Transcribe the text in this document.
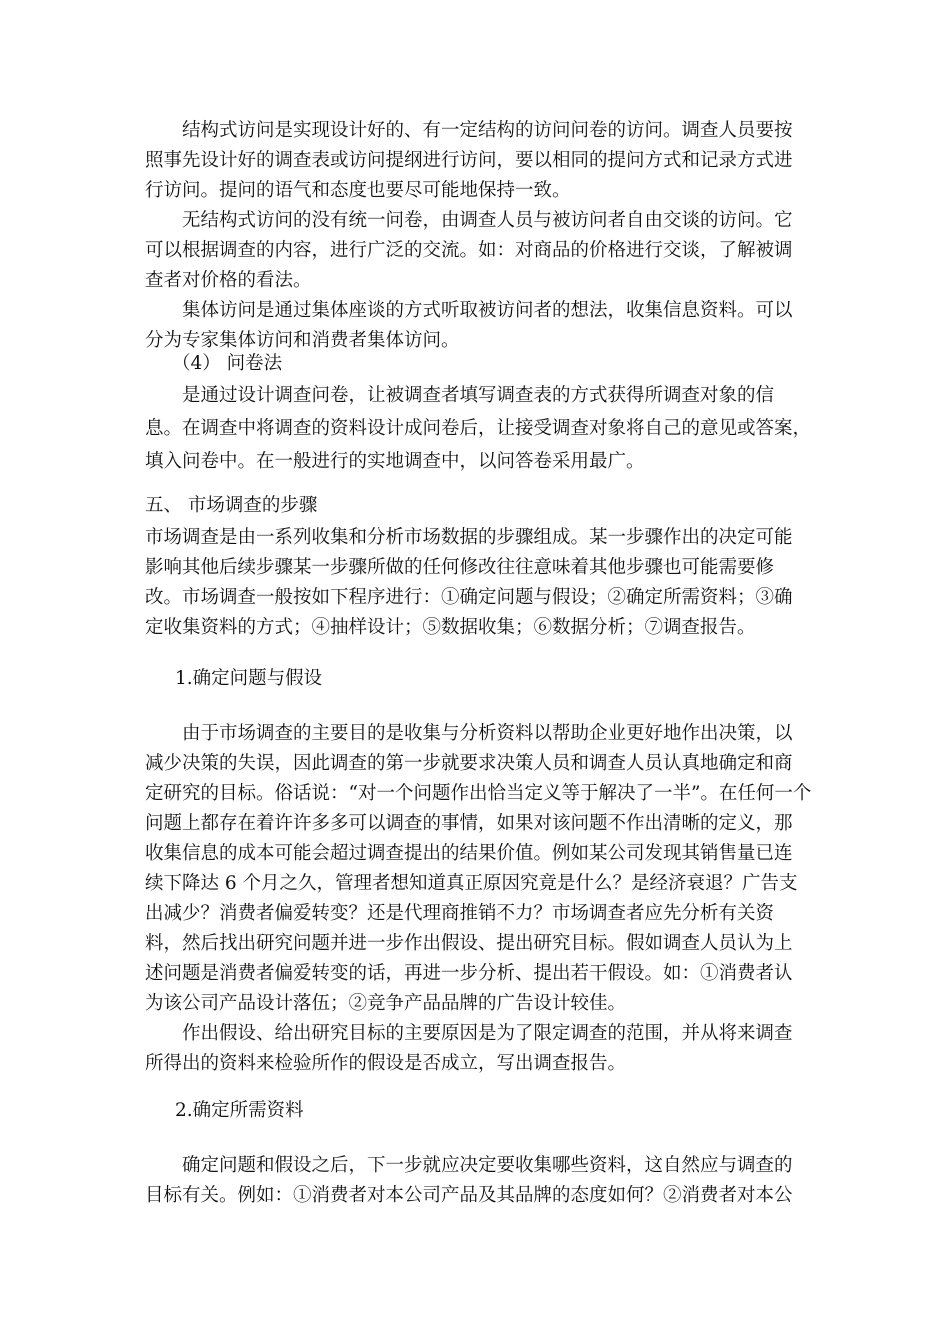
结构式访问是实现设计好的、有一定结构的访问问卷的访问。调查人员要按
照事先设计好的调查表或访问提纲进行访问，要以相同的提问方式和记录方式进
行访问。提问的语气和态度也要尽可能地保持一致。

无结构式访问的没有统一问卷，由调查人员与被访问者自由交谈的访问。它
可以根据调查的内容，进行广泛的交流。如：对商品的价格进行交谈，了解被调
查者对价格的看法。

集体访问是通过集体座谈的方式听取被访问者的想法，收集信息资料。可以
分为专家集体访问和消费者集体访问。

（4） 问卷法

是通过设计调查问卷，让被调查者填写调查表的方式获得所调查对象的信
息。在调查中将调查的资料设计成问卷后，让接受调查对象将自己的意见或答案，
填入问卷中。在一般进行的实地调查中，以问答卷采用最广。

五、 市场调查的步骤

市场调查是由一系列收集和分析市场数据的步骤组成。某一步骤作出的决定可能
影响其他后续步骤某一步骤所做的任何修改往往意味着其他步骤也可能需要修
改。市场调查一般按如下程序进行：①确定问题与假设；②确定所需资料；③确
定收集资料的方式；④抽样设计；⑤数据收集；⑥数据分析；⑦调查报告。

1.确定问题与假设

由于市场调查的主要目的是收集与分析资料以帮助企业更好地作出决策，以
减少决策的失误，因此调查的第一步就要求决策人员和调查人员认真地确定和商
定研究的目标。俗话说：“对一个问题作出恰当定义等于解决了一半”。在任何一个
问题上都存在着许许多多可以调查的事情，如果对该问题不作出清晰的定义，那
收集信息的成本可能会超过调查提出的结果价值。例如某公司发现其销售量已连
续下降达 6 个月之久，管理者想知道真正原因究竟是什么？是经济衰退？广告支
出减少？消费者偏爱转变？还是代理商推销不力？市场调查者应先分析有关资
料，然后找出研究问题并进一步作出假设、提出研究目标。假如调查人员认为上
述问题是消费者偏爱转变的话，再进一步分析、提出若干假设。如：①消费者认
为该公司产品设计落伍；②竞争产品品牌的广告设计较佳。

作出假设、给出研究目标的主要原因是为了限定调查的范围，并从将来调查
所得出的资料来检验所作的假设是否成立，写出调查报告。

2.确定所需资料

确定问题和假设之后，下一步就应决定要收集哪些资料，这自然应与调查的
目标有关。例如：①消费者对本公司产品及其品牌的态度如何？②消费者对本公
